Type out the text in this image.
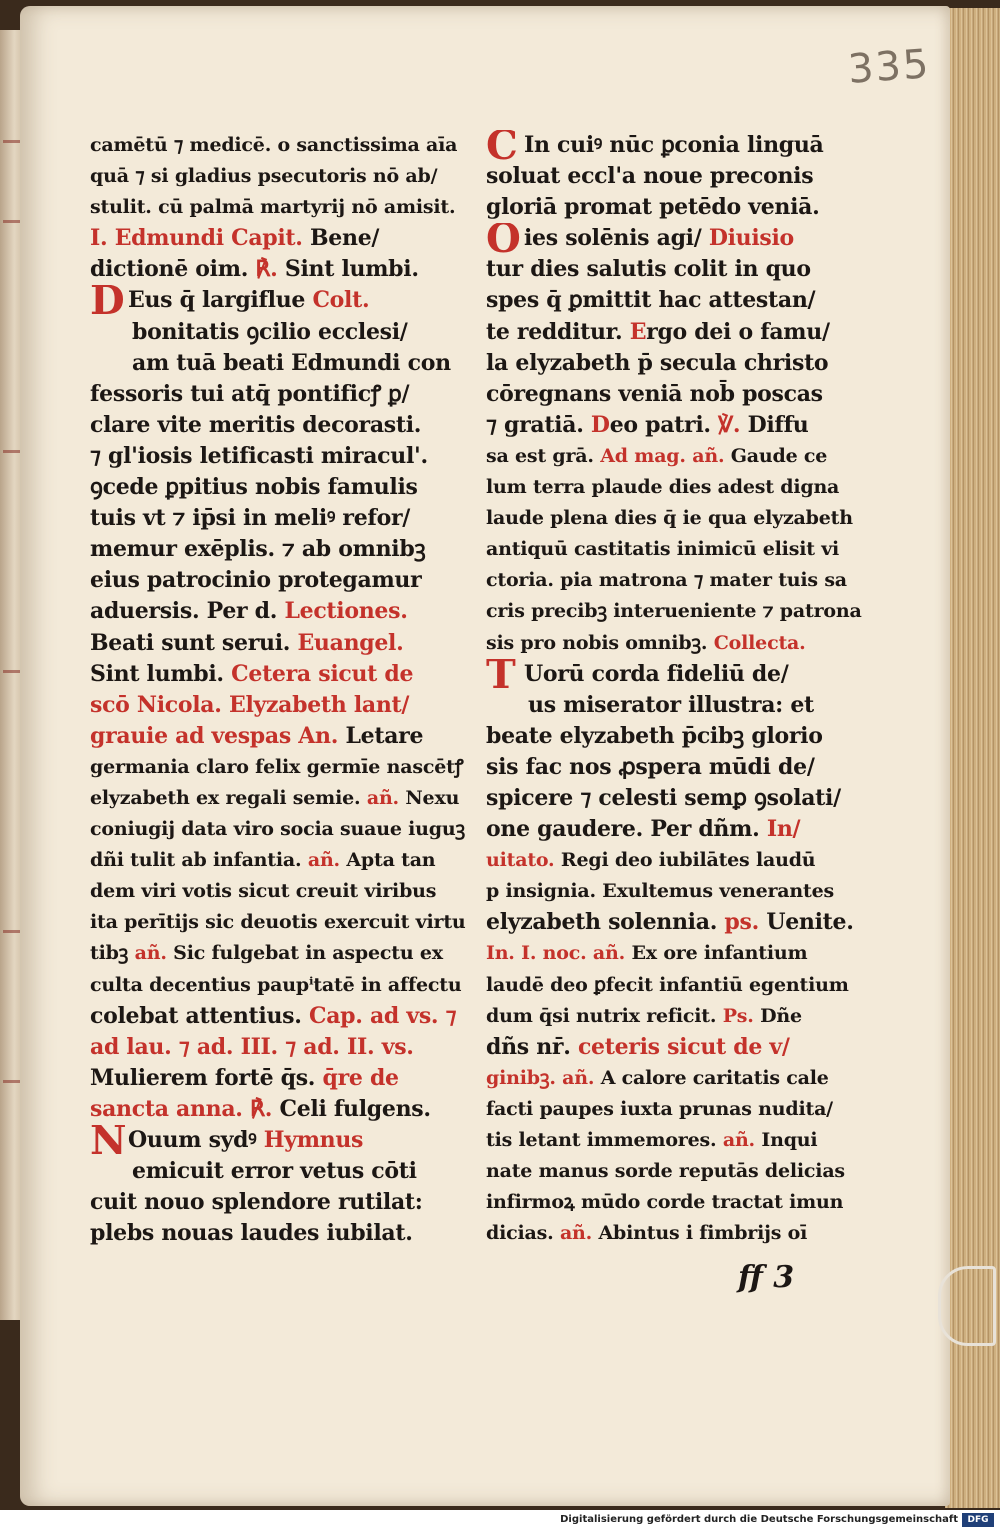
335
camētū ⁊ medicē. o sanctissima aīa
quā ⁊ si gladius psecutoris nō ab/
stulit. cū palmā martyrij nō amisit.
I. Edmundi Capit. Bene/
dictionē oim. ℟. Sint lumbi.
D Eus q̄ largiflue Colt.
bonitatis ꝯcilio ecclesi/
am tuā beati Edmundi con
fessoris tui atq̄ pontificꝭ ꝑ/
clare vite meritis decorasti.
⁊ gl'iosis letificasti miracul'.
ꝯcede ꝑpitius nobis famulis
tuis vt ⁊ ip̄si in meliꝰ refor/
memur exēplis. ⁊ ab omnibꝫ
eius patrocinio protegamur
aduersis. Per d. Lectiones.
Beati sunt serui. Euangel.
Sint lumbi. Cetera sicut de
scō Nicola. Elyzabeth lant/
grauie ad vespas An. Letare
germania claro felix germīe nascētꝭ
elyzabeth ex regali semie. añ. Nexu
coniugij data viro socia suaue iuguꝫ
dñi tulit ab infantia. añ. Apta tan
dem viri votis sicut creuit viribus
ita perītijs sic deuotis exercuit virtu
tibꝫ añ. Sic fulgebat in aspectu ex
culta decentius paupⁱtatē in affectu
colebat attentius. Cap. ad vs. ⁊
ad lau. ⁊ ad. III. ⁊ ad. II. vs.
Mulierem fortē q̄s. q̄re de
sancta anna. ℟. Celi fulgens.
NOuum sydꝰ Hymnus
emicuit error vetus cōti
cuit nouo splendore rutilat:
plebs nouas laudes iubilat.
C In cuiꝰ nūc ꝑconia linguā
soluat eccl'a noue preconis
gloriā promat petēdo veniā.
Oies solēnis agi/ Diuisio
tur dies salutis colit in quo
spes q̄ ꝑmittit hac attestan/
te redditur. Ergo dei o famu/
la elyzabeth p̄ secula christo
cōregnans veniā nob̄ poscas
⁊ gratiā. Deo patri. ℣. Diffu
sa est grā. Ad mag. añ. Gaude ce
lum terra plaude dies adest digna
laude plena dies q̄ ie qua elyzabeth
antiquū castitatis inimicū elisit vi
ctoria. pia matrona ⁊ mater tuis sa
cris precibꝫ interueniente ⁊ patrona
sis pro nobis omnibꝫ. Collecta.
T Uorū corda fideliū de/
us miserator illustra: et
beate elyzabeth p̄cibꝫ glorio
sis fac nos ꝓspera mūdi de/
spicere ⁊ celesti semꝑ ꝯsolati/
one gaudere. Per dñm. In/
uitato. Regi deo iubilātes laudū
p insignia. Exultemus venerantes
elyzabeth solennia. ps. Uenite.
In. I. noc. añ. Ex ore infantium
laudē deo ꝑfecit infantiū egentium
dum q̄si nutrix reficit. Ps. Dñe
dñs nr̄. ceteris sicut de v/
ginibꝫ. añ. A calore caritatis cale
facti paupes iuxta prunas nudita/
tis letant immemores. añ. Inqui
nate manus sorde reputās delicias
infirmoꝝ mūdo corde tractat imun
dicias. añ. Abintus i fimbrijs oī
ff 3
Digitalisierung gefördert durch die Deutsche Forschungsgemeinschaft	DFG
